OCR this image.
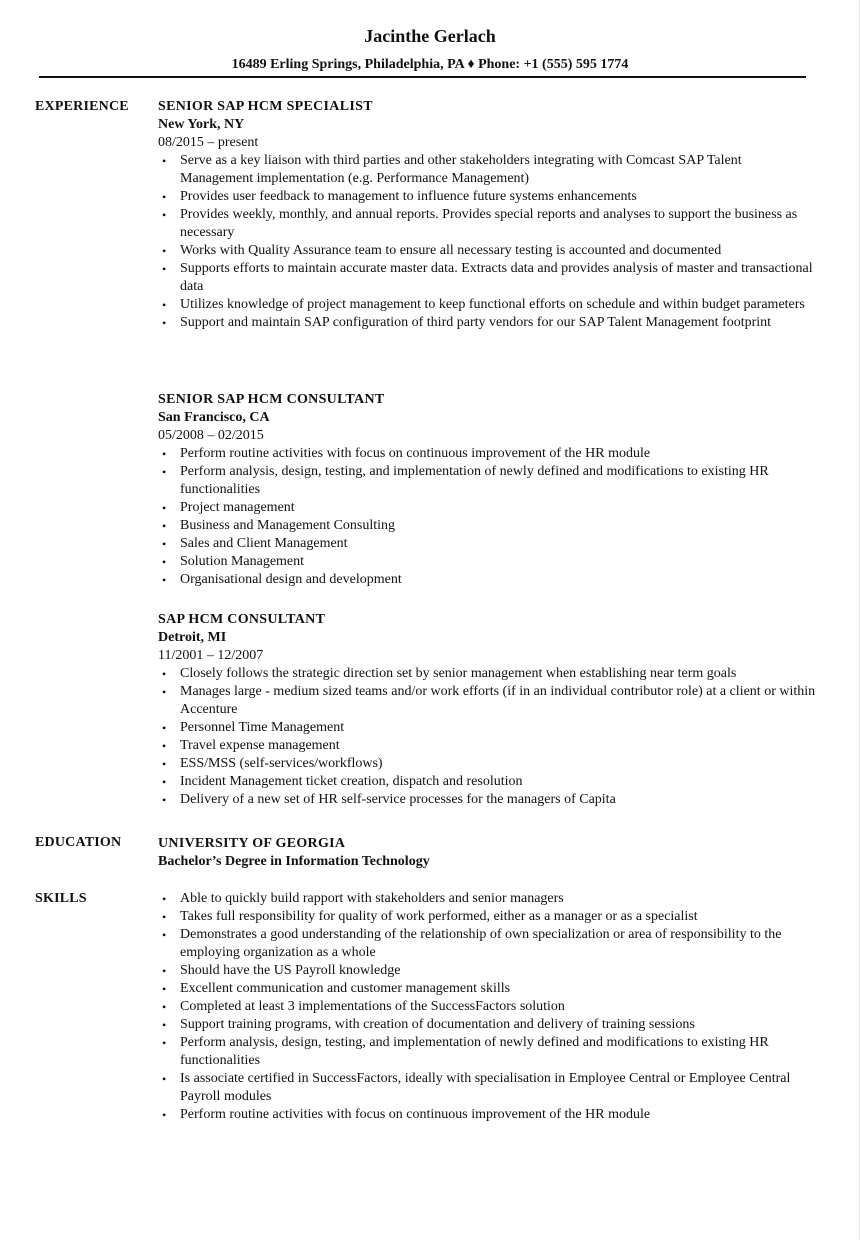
Jacinthe Gerlach
16489 Erling Springs, Philadelphia, PA ♦ Phone: +1 (555) 595 1774
EXPERIENCE SENIOR SAP HCM SPECIALIST
New York, NY
08/2015 – present
• Serve as a key liaison with third parties and other stakeholders integrating with Comcast SAP Talent Management implementation (e.g. Performance Management)
• Provides user feedback to management to influence future systems enhancements
• Provides weekly, monthly, and annual reports. Provides special reports and analyses to support the business as necessary
• Works with Quality Assurance team to ensure all necessary testing is accounted and documented
• Supports efforts to maintain accurate master data. Extracts data and provides analysis of master and transactional data
• Utilizes knowledge of project management to keep functional efforts on schedule and within budget parameters
• Support and maintain SAP configuration of third party vendors for our SAP Talent Management footprint
SENIOR SAP HCM CONSULTANT
San Francisco, CA
05/2008 – 02/2015
• Perform routine activities with focus on continuous improvement of the HR module
• Perform analysis, design, testing, and implementation of newly defined and modifications to existing HR functionalities
• Project management
• Business and Management Consulting
• Sales and Client Management
• Solution Management
• Organisational design and development
SAP HCM CONSULTANT
Detroit, MI
11/2001 – 12/2007
• Closely follows the strategic direction set by senior management when establishing near term goals
• Manages large - medium sized teams and/or work efforts (if in an individual contributor role) at a client or within Accenture
• Personnel Time Management
• Travel expense management
• ESS/MSS (self-services/workflows)
• Incident Management ticket creation, dispatch and resolution
• Delivery of a new set of HR self-service processes for the managers of Capita
EDUCATION	UNIVERSITY OF GEORGIA
Bachelor’s Degree in Information Technology
SKILLS	• Able to quickly build rapport with stakeholders and senior managers
• Takes full responsibility for quality of work performed, either as a manager or as a specialist
• Demonstrates a good understanding of the relationship of own specialization or area of responsibility to the employing organization as a whole
• Should have the US Payroll knowledge
• Excellent communication and customer management skills
• Completed at least 3 implementations of the SuccessFactors solution
• Support training programs, with creation of documentation and delivery of training sessions
• Perform analysis, design, testing, and implementation of newly defined and modifications to existing HR functionalities
• Is associate certified in SuccessFactors, ideally with specialisation in Employee Central or Employee Central Payroll modules
• Perform routine activities with focus on continuous improvement of the HR module
